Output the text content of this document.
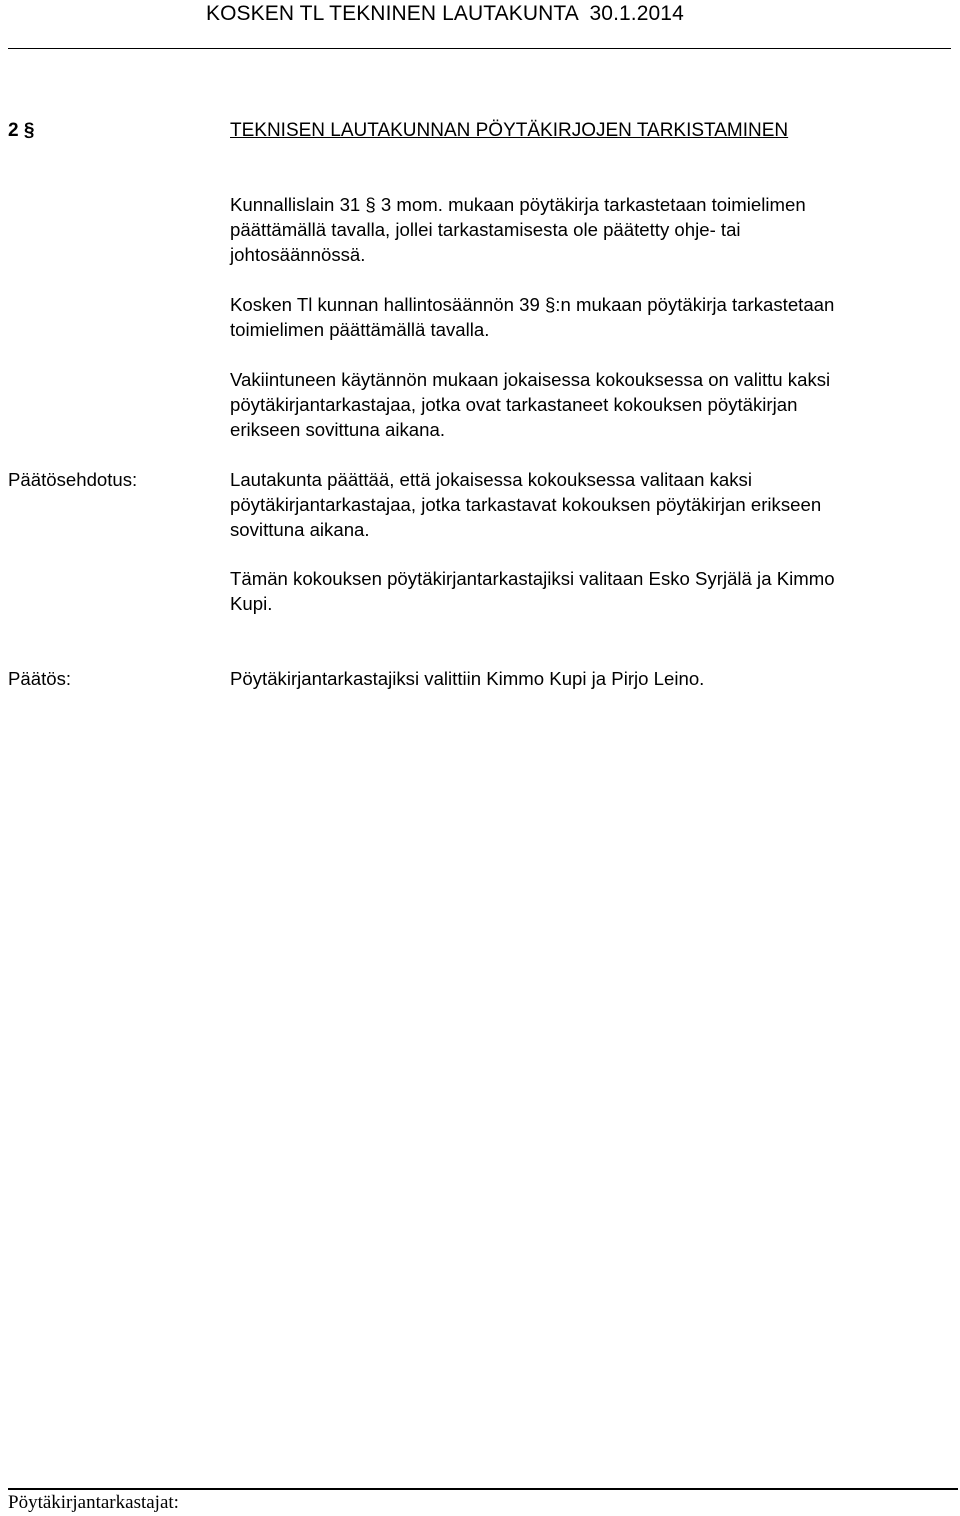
KOSKEN TL TEKNINEN LAUTAKUNTA  30.1.2014
2 §	TEKNISEN LAUTAKUNNAN PÖYTÄKIRJOJEN TARKISTAMINEN
Kunnallislain 31 § 3 mom. mukaan pöytäkirja tarkastetaan toimielimen päättämällä tavalla, jollei tarkastamisesta ole päätetty ohje- tai johtosäännössä.
Kosken Tl kunnan hallintosäännön 39 §:n mukaan pöytäkirja tarkastetaan toimielimen päättämällä tavalla.
Vakiintuneen käytännön mukaan jokaisessa kokouksessa on valittu kaksi pöytäkirjantarkastajaa, jotka ovat tarkastaneet kokouksen pöytäkirjan erikseen sovittuna aikana.
Päätösehdotus:	Lautakunta päättää, että jokaisessa kokouksessa valitaan kaksi pöytäkirjantarkastajaa, jotka tarkastavat kokouksen pöytäkirjan erikseen sovittuna aikana.
Tämän kokouksen pöytäkirjantarkastajiksi valitaan Esko Syrjälä ja Kimmo Kupi.
Päätös:	Pöytäkirjantarkastajiksi valittiin Kimmo Kupi ja Pirjo Leino.
Pöytäkirjantarkastajat:
